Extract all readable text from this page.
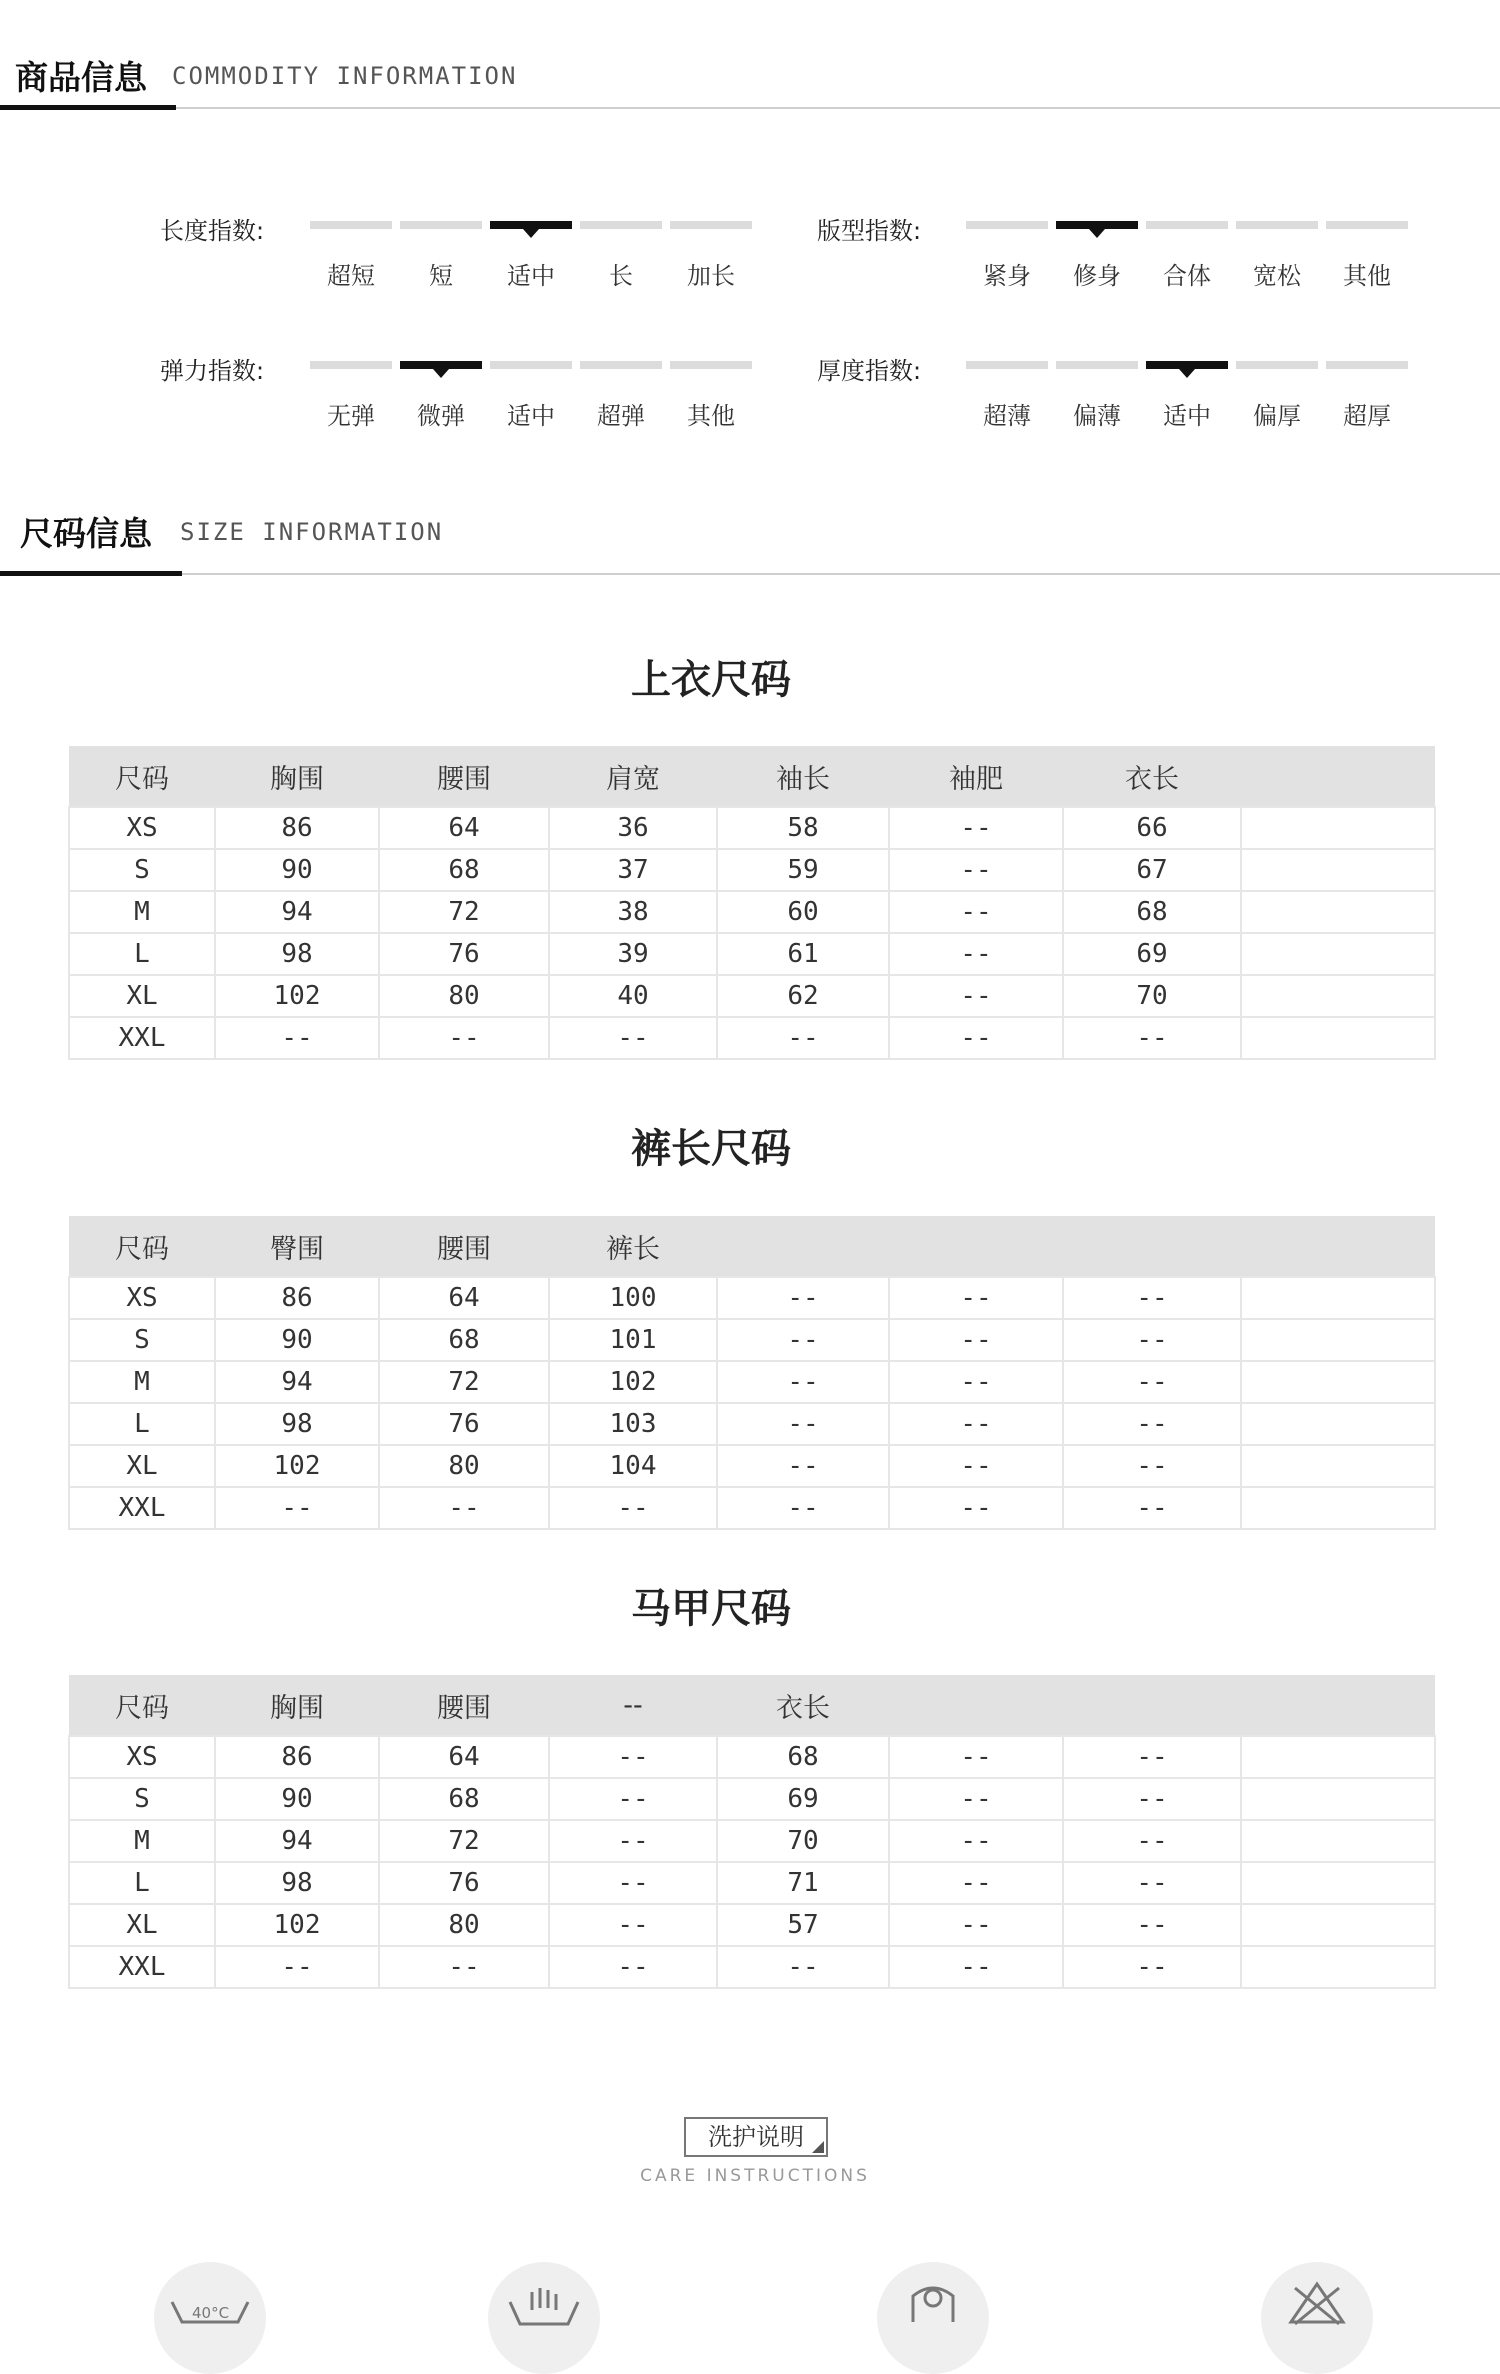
商品信息 COMMODITY INFORMATION
长度指数:
超短	短	适中	长	加长
版型指数:
紧身	修身	合体	宽松	其他
弹力指数:
无弹	微弹	适中	超弹	其他
厚度指数:
超薄	偏薄	适中	偏厚	超厚
尺码信息 SIZE INFORMATION
上衣尺码
尺码	胸围	腰围	肩宽	袖长	袖肥	衣长	
XS	86	64	36	58	--	66	
S	90	68	37	59	--	67	
M	94	72	38	60	--	68	
L	98	76	39	61	--	69	
XL	102	80	40	62	--	70	
XXL	--	--	--	--	--	--	
裤长尺码
尺码	臀围	腰围	裤长				
XS	86	64	100	--	--	--	
S	90	68	101	--	--	--	
M	94	72	102	--	--	--	
L	98	76	103	--	--	--	
XL	102	80	104	--	--	--	
XXL	--	--	--	--	--	--	
马甲尺码
尺码	胸围	腰围	--	衣长			
XS	86	64	--	68	--	--	
S	90	68	--	69	--	--	
M	94	72	--	70	--	--	
L	98	76	--	71	--	--	
XL	102	80	--	57	--	--	
XXL	--	--	--	--	--	--	
洗护说明
CARE INSTRUCTIONS
40°C
